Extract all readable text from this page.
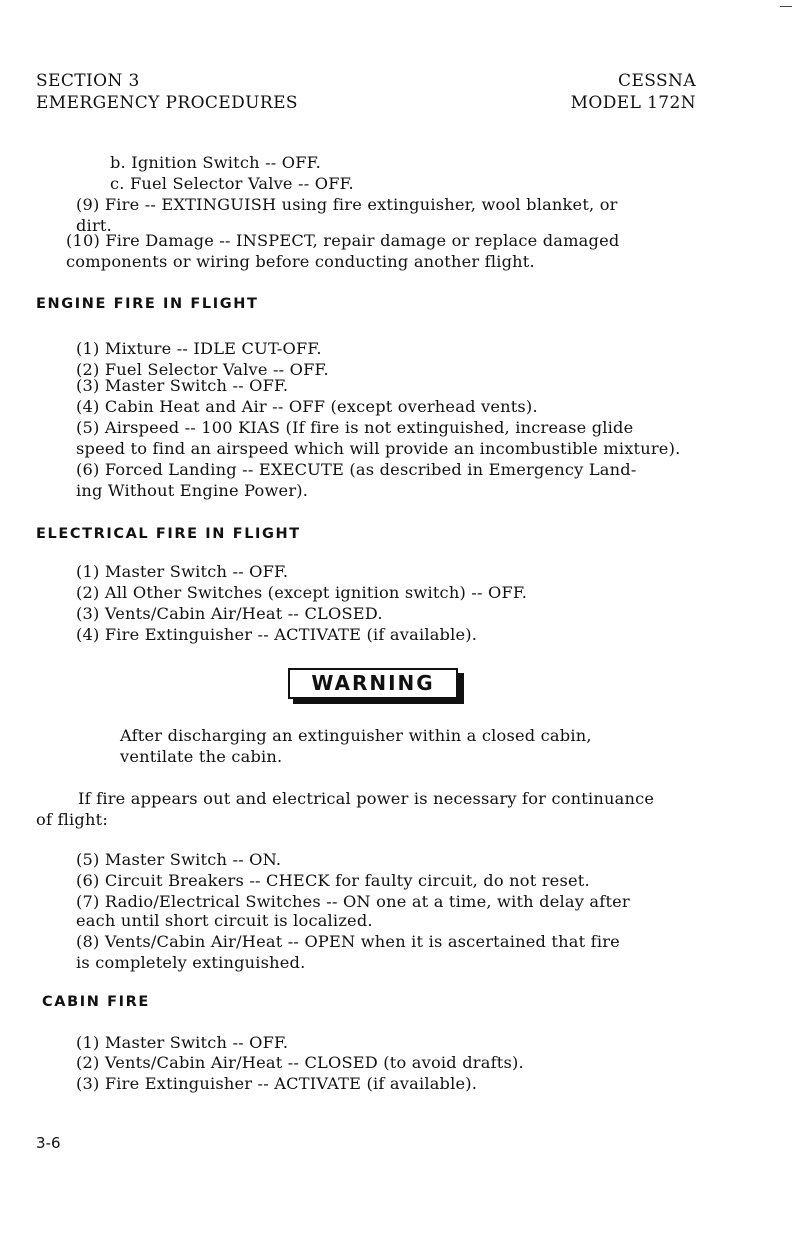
SECTION 3
EMERGENCY PROCEDURES
CESSNA
MODEL 172N
b. Ignition Switch -- OFF.
c. Fuel Selector Valve -- OFF.
(9) Fire -- EXTINGUISH using fire extinguisher, wool blanket, or
dirt.
(10) Fire Damage -- INSPECT, repair damage or replace damaged
components or wiring before conducting another flight.
ENGINE FIRE IN FLIGHT
(1) Mixture -- IDLE CUT-OFF.
(2) Fuel Selector Valve -- OFF.
(3) Master Switch -- OFF.
(4) Cabin Heat and Air -- OFF (except overhead vents).
(5) Airspeed -- 100 KIAS (If fire is not extinguished, increase glide
speed to find an airspeed which will provide an incombustible mixture).
(6) Forced Landing -- EXECUTE (as described in Emergency Land-
ing Without Engine Power).
ELECTRICAL FIRE IN FLIGHT
(1) Master Switch -- OFF.
(2) All Other Switches (except ignition switch) -- OFF.
(3) Vents/Cabin Air/Heat -- CLOSED.
(4) Fire Extinguisher -- ACTIVATE (if available).
WARNING
After discharging an extinguisher within a closed cabin,
ventilate the cabin.
If fire appears out and electrical power is necessary for continuance
of flight:
(5) Master Switch -- ON.
(6) Circuit Breakers -- CHECK for faulty circuit, do not reset.
(7) Radio/Electrical Switches -- ON one at a time, with delay after
each until short circuit is localized.
(8) Vents/Cabin Air/Heat -- OPEN when it is ascertained that fire
is completely extinguished.
CABIN FIRE
(1) Master Switch -- OFF.
(2) Vents/Cabin Air/Heat -- CLOSED (to avoid drafts).
(3) Fire Extinguisher -- ACTIVATE (if available).
3-6
